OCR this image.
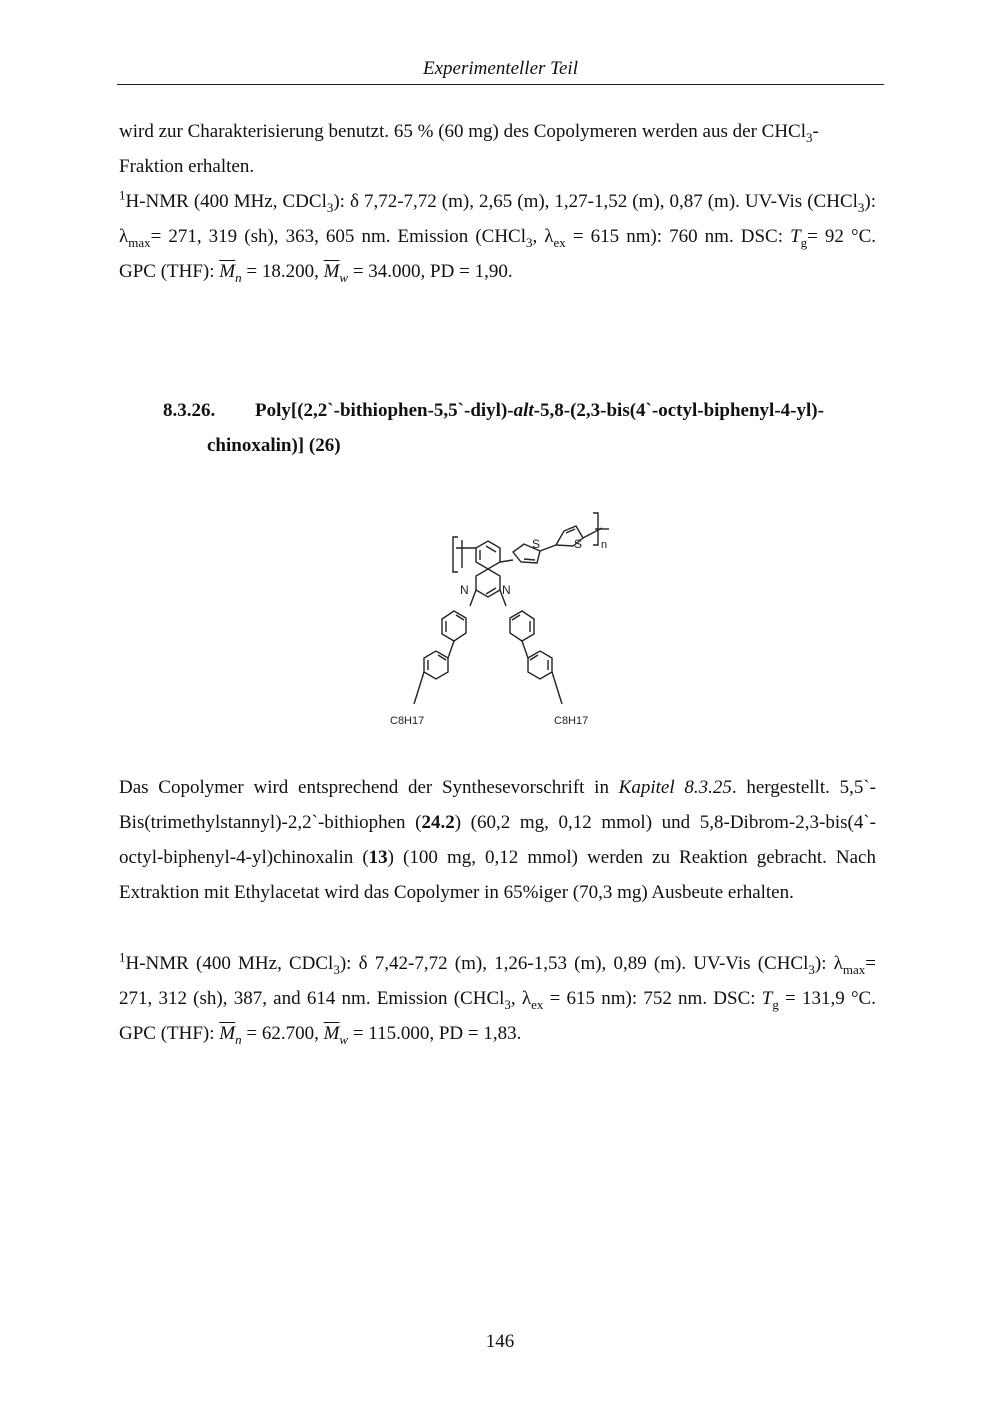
Experimenteller Teil

wird zur Charakterisierung benutzt. 65 % (60 mg) des Copolymeren werden aus der CHCl$_3$-
Fraktion erhalten.

$^1$H-NMR (400 MHz, CDCl$_3$): δ 7,72-7,72 (m), 2,65 (m), 1,27-1,52 (m), 0,87 (m). UV-Vis (CHCl$_3$): $\lambda_{max}= 271$, 319 (sh), 363, 605 nm. Emission (CHCl$_3$, $\lambda_{ex} = 615$ nm): 760 nm. DSC: $T_g= 92$ °C. GPC (THF): $\overline{M}_n = 18.200$, $\overline{M}_w = 34.000$, PD = 1,90.

8.3.26. Poly[(2,2`-bithiophen-5,5`-diyl)-alt-5,8-(2,3-bis(4`-octyl-biphenyl-4-yl)-
chinoxalin)] (26)
S	S
N	N
n
C8H17	C8H17

Das Copolymer wird entsprechend der Synthesevorschrift in Kapitel 8.3.25. hergestellt. 5,5`-Bis(trimethylstannyl)-2,2`-bithiophen (24.2) (60,2 mg, 0,12 mmol) und 5,8-Dibrom-2,3-bis(4`-octyl-biphenyl-4-yl)chinoxalin (13) (100 mg, 0,12 mmol) werden zu Reaktion gebracht. Nach Extraktion mit Ethylacetat wird das Copolymer in 65%iger (70,3 mg) Ausbeute erhalten.

$^1$H-NMR (400 MHz, CDCl$_3$): δ 7,42-7,72 (m), 1,26-1,53 (m), 0,89 (m). UV-Vis (CHCl$_3$): $\lambda_{max}= 271$, 312 (sh), 387, and 614 nm. Emission (CHCl$_3$, $\lambda_{ex} = 615$ nm): 752 nm. DSC: $T_g = 131,9$ °C. GPC (THF): $\overline{M}_n = 62.700$, $\overline{M}_w = 115.000$, PD = 1,83.

146
